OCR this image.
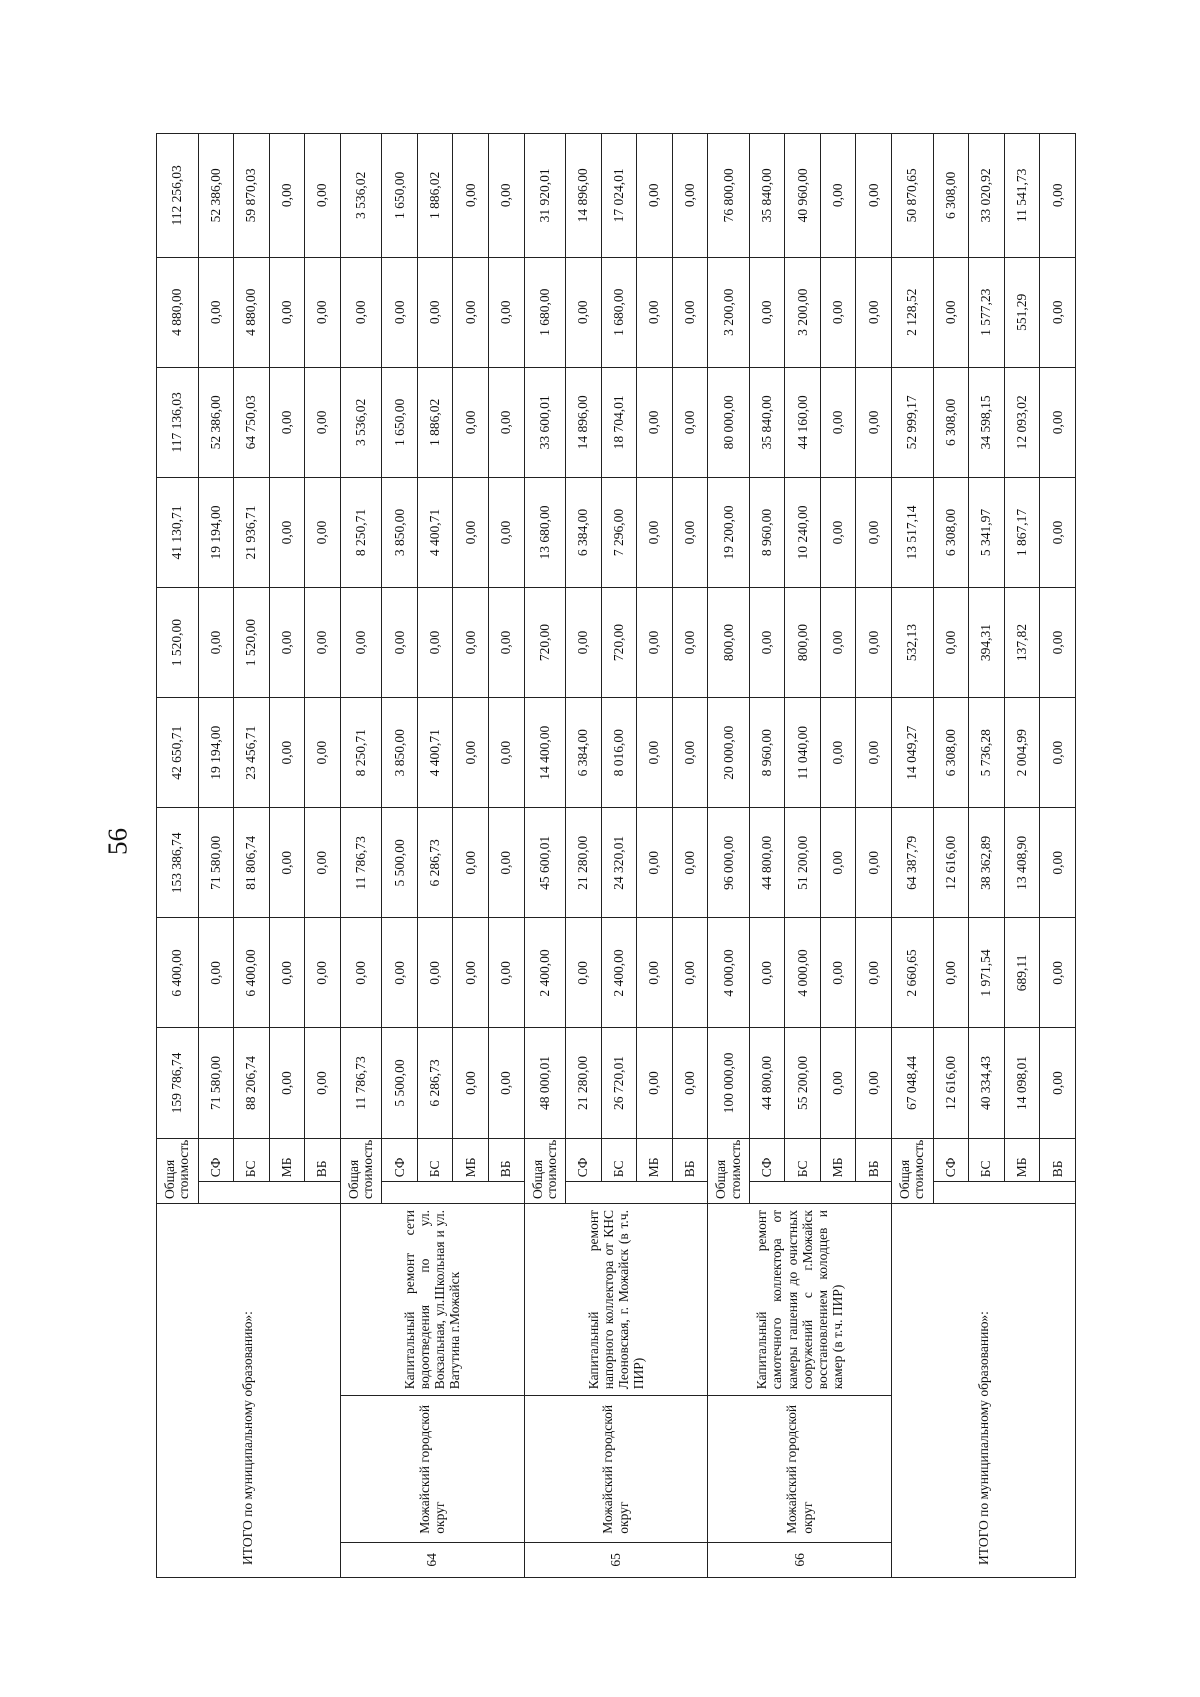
56
ИТОГО по муниципальному образованию»:			Общая стоимость		159 786,74	6 400,00	153 386,74	42 650,71	1 520,00	41 130,71	117 136,03	4 880,00	112 256,03
	СФ	71 580,00	0,00	71 580,00	19 194,00	0,00	19 194,00	52 386,00	0,00	52 386,00
				БС	88 206,74	6 400,00	81 806,74	23 456,71	1 520,00	21 936,71	64 750,03	4 880,00	59 870,03
				МБ	0,00	0,00	0,00	0,00	0,00	0,00	0,00	0,00	0,00
				ВБ	0,00	0,00	0,00	0,00	0,00	0,00	0,00	0,00	0,00
64	Можайский городской округ	Капитальный ремонт сети водоотведения по ул. Вокзальная, ул.Школьная и ул. Ватутина г.Можайск	Общая стоимость		11 786,73	0,00	11 786,73	8 250,71	0,00	8 250,71	3 536,02	0,00	3 536,02
	СФ	5 500,00	0,00	5 500,00	3 850,00	0,00	3 850,00	1 650,00	0,00	1 650,00
				БС	6 286,73	0,00	6 286,73	4 400,71	0,00	4 400,71	1 886,02	0,00	1 886,02
				МБ	0,00	0,00	0,00	0,00	0,00	0,00	0,00	0,00	0,00
				ВБ	0,00	0,00	0,00	0,00	0,00	0,00	0,00	0,00	0,00
65	Можайский городской округ	Капитальный ремонт напорного коллектора от КНС Леоновская, г. Можайск (в т.ч. ПИР)	Общая стоимость		48 000,01	2 400,00	45 600,01	14 400,00	720,00	13 680,00	33 600,01	1 680,00	31 920,01
	СФ	21 280,00	0,00	21 280,00	6 384,00	0,00	6 384,00	14 896,00	0,00	14 896,00
				БС	26 720,01	2 400,00	24 320,01	8 016,00	720,00	7 296,00	18 704,01	1 680,00	17 024,01
				МБ	0,00	0,00	0,00	0,00	0,00	0,00	0,00	0,00	0,00
				ВБ	0,00	0,00	0,00	0,00	0,00	0,00	0,00	0,00	0,00
66	Можайский городской округ	Капитальный ремонт самотечного коллектора от камеры гашения до очистных сооружений с г.Можайск восстановлением колодцев и камер (в т.ч. ПИР)	Общая стоимость		100 000,00	4 000,00	96 000,00	20 000,00	800,00	19 200,00	80 000,00	3 200,00	76 800,00
	СФ	44 800,00	0,00	44 800,00	8 960,00	0,00	8 960,00	35 840,00	0,00	35 840,00
				БС	55 200,00	4 000,00	51 200,00	11 040,00	800,00	10 240,00	44 160,00	3 200,00	40 960,00
				МБ	0,00	0,00	0,00	0,00	0,00	0,00	0,00	0,00	0,00
				ВБ	0,00	0,00	0,00	0,00	0,00	0,00	0,00	0,00	0,00
ИТОГО по муниципальному образованию»:			Общая стоимость		67 048,44	2 660,65	64 387,79	14 049,27	532,13	13 517,14	52 999,17	2 128,52	50 870,65
	СФ	12 616,00	0,00	12 616,00	6 308,00	0,00	6 308,00	6 308,00	0,00	6 308,00
				БС	40 334,43	1 971,54	38 362,89	5 736,28	394,31	5 341,97	34 598,15	1 577,23	33 020,92
				МБ	14 098,01	689,11	13 408,90	2 004,99	137,82	1 867,17	12 093,02	551,29	11 541,73
				ВБ	0,00	0,00	0,00	0,00	0,00	0,00	0,00	0,00	0,00
